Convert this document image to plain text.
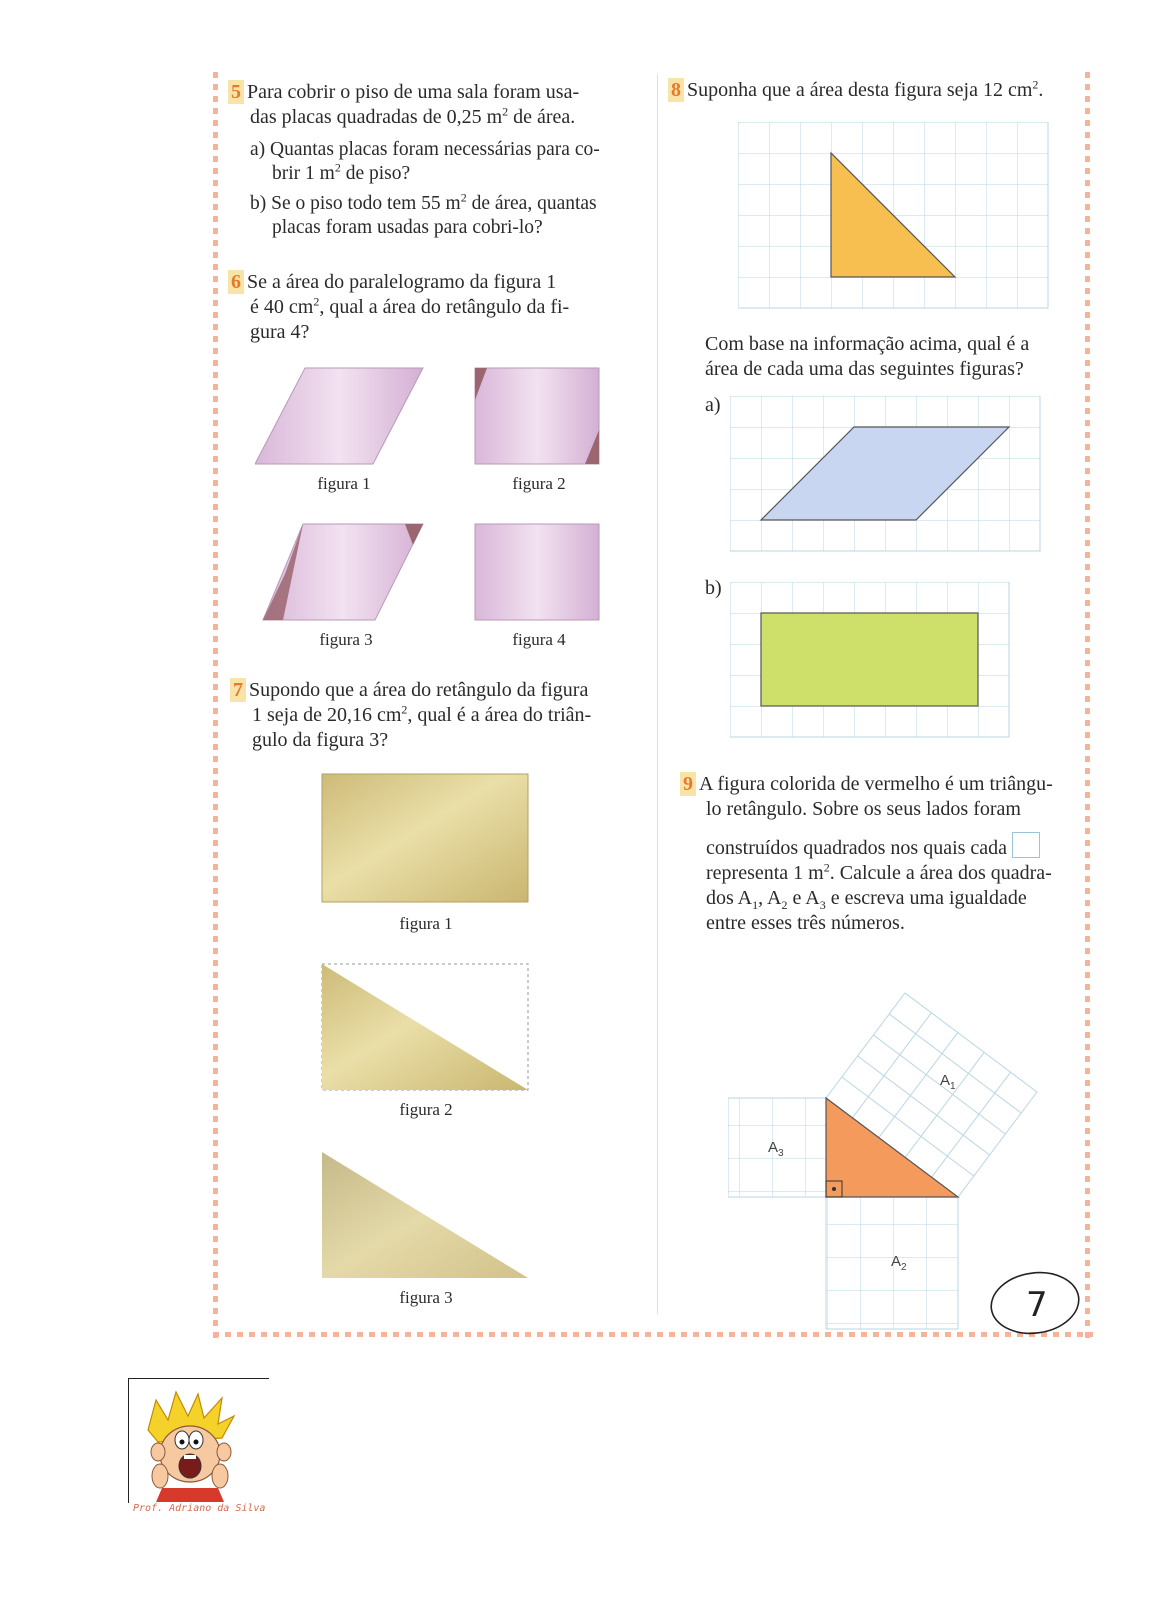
5 Para cobrir o piso de uma sala foram usa-
das placas quadradas de 0,25 $m^2$ de área.
a) Quantas placas foram necessárias para co-
brir 1 $m^2$ de piso?
b) Se o piso todo tem 55 $m^2$ de área, quantas
placas foram usadas para cobri-lo?
6 Se a área do paralelogramo da figura 1
é 40 $cm^2$, qual a área do retângulo da fi-
gura 4?
figura 1	figura 2
figura 3	figura 4
7 Supondo que a área do retângulo da figura
1 seja de 20,16 $cm^2$, qual é a área do triân-
gulo da figura 3?
figura 1
figura 2
figura 3
8 Suponha que a área desta figura seja 12 $cm^2$.
Com base na informação acima, qual é a
área de cada uma das seguintes figuras?
a)
b)
9 A figura colorida de vermelho é um triângu-
lo retângulo. Sobre os seus lados foram
construídos quadrados nos quais cada
representa 1 $m^2$. Calcule a área dos quadra-
dos $A_1$, $A_2$ e $A_3$ e escreva uma igualdade
entre esses três números.
$A_1$
$A_3$
$A_2$
7
Prof. Adriano da Silva
